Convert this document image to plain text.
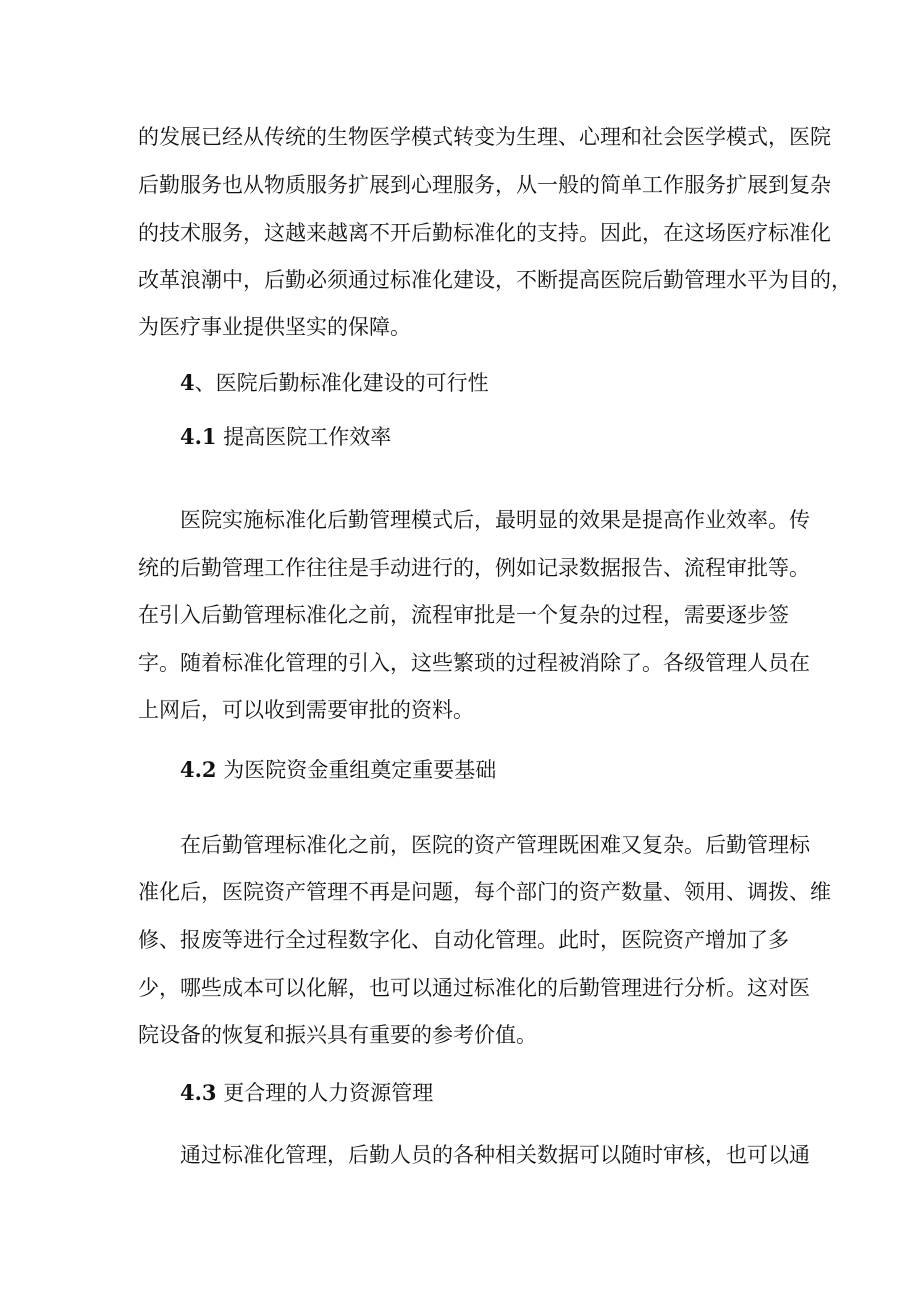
的发展已经从传统的生物医学模式转变为生理、心理和社会医学模式，医院
后勤服务也从物质服务扩展到心理服务，从一般的简单工作服务扩展到复杂
的技术服务，这越来越离不开后勤标准化的支持。因此，在这场医疗标准化
改革浪潮中，后勤必须通过标准化建设，不断提高医院后勤管理水平为目的，
为医疗事业提供坚实的保障。
4、医院后勤标准化建设的可行性
4.1 提高医院工作效率
医院实施标准化后勤管理模式后，最明显的效果是提高作业效率。传
统的后勤管理工作往往是手动进行的，例如记录数据报告、流程审批等。
在引入后勤管理标准化之前，流程审批是一个复杂的过程，需要逐步签
字。随着标准化管理的引入，这些繁琐的过程被消除了。各级管理人员在
上网后，可以收到需要审批的资料。
4.2 为医院资金重组奠定重要基础
在后勤管理标准化之前，医院的资产管理既困难又复杂。后勤管理标
准化后，医院资产管理不再是问题，每个部门的资产数量、领用、调拨、维
修、报废等进行全过程数字化、自动化管理。此时，医院资产增加了多
少，哪些成本可以化解，也可以通过标准化的后勤管理进行分析。这对医
院设备的恢复和振兴具有重要的参考价值。
4.3 更合理的人力资源管理
通过标准化管理，后勤人员的各种相关数据可以随时审核，也可以通
